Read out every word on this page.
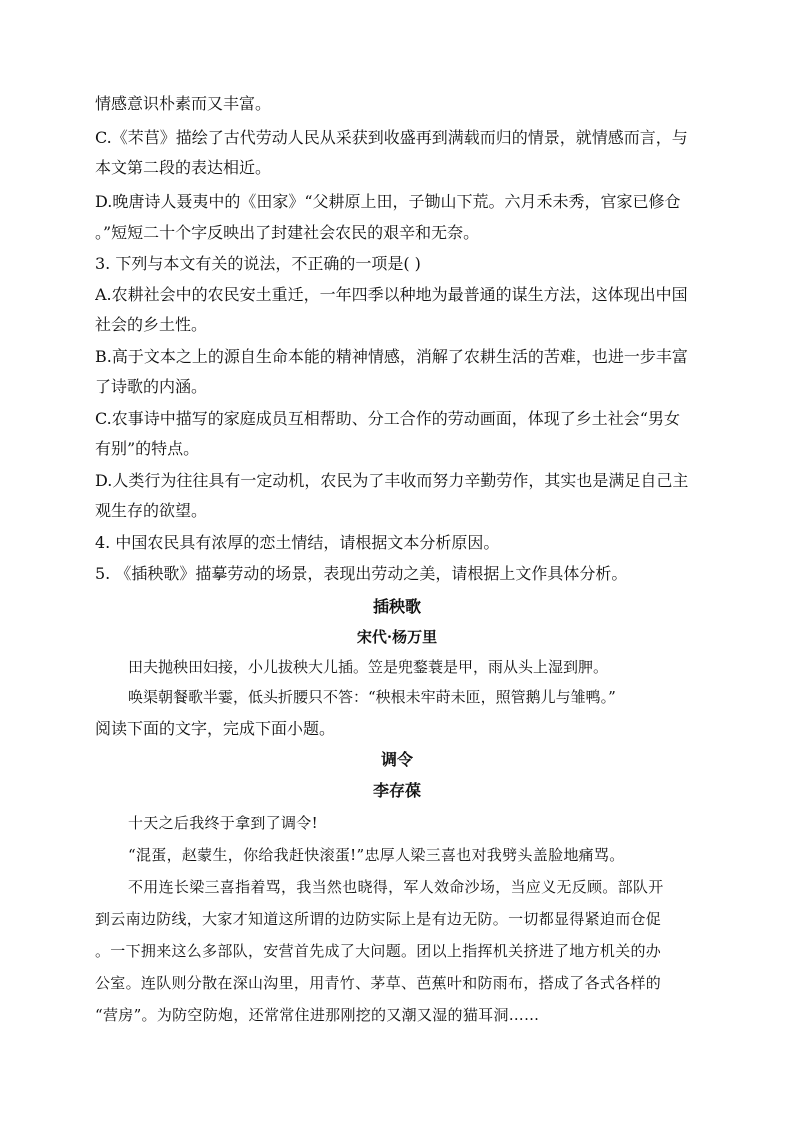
情感意识朴素而又丰富。
C.《芣苢》描绘了古代劳动人民从采获到收盛再到满载而归的情景，就情感而言，与
本文第二段的表达相近。
D.晚唐诗人聂夷中的《田家》“父耕原上田，子锄山下荒。六月禾未秀，官家已修仓
。”短短二十个字反映出了封建社会农民的艰辛和无奈。
3. 下列与本文有关的说法，不正确的一项是( )
A.农耕社会中的农民安土重迁，一年四季以种地为最普通的谋生方法，这体现出中国
社会的乡土性。
B.高于文本之上的源自生命本能的精神情感，消解了农耕生活的苦难，也进一步丰富
了诗歌的内涵。
C.农事诗中描写的家庭成员互相帮助、分工合作的劳动画面，体现了乡土社会“男女
有别”的特点。
D.人类行为往往具有一定动机，农民为了丰收而努力辛勤劳作，其实也是满足自己主
观生存的欲望。
4. 中国农民具有浓厚的恋土情结，请根据文本分析原因。
5. 《插秧歌》描摹劳动的场景，表现出劳动之美，请根据上文作具体分析。
插秧歌
宋代·杨万里
田夫抛秧田妇接，小儿拔秧大儿插。笠是兜鍪蓑是甲，雨从头上湿到胛。
唤渠朝餐歌半霎，低头折腰只不答：“秧根未牢莳未匝，照管鹅儿与雏鸭。”
阅读下面的文字，完成下面小题。
调令
李存葆
十天之后我终于拿到了调令!
“混蛋，赵蒙生，你给我赶快滚蛋!”忠厚人梁三喜也对我劈头盖脸地痛骂。
不用连长梁三喜指着骂，我当然也晓得，军人效命沙场，当应义无反顾。部队开
到云南边防线，大家才知道这所谓的边防实际上是有边无防。一切都显得紧迫而仓促
。一下拥来这么多部队，安营首先成了大问题。团以上指挥机关挤进了地方机关的办
公室。连队则分散在深山沟里，用青竹、茅草、芭蕉叶和防雨布，搭成了各式各样的
“营房”。为防空防炮，还常常住进那刚挖的又潮又湿的猫耳洞……
